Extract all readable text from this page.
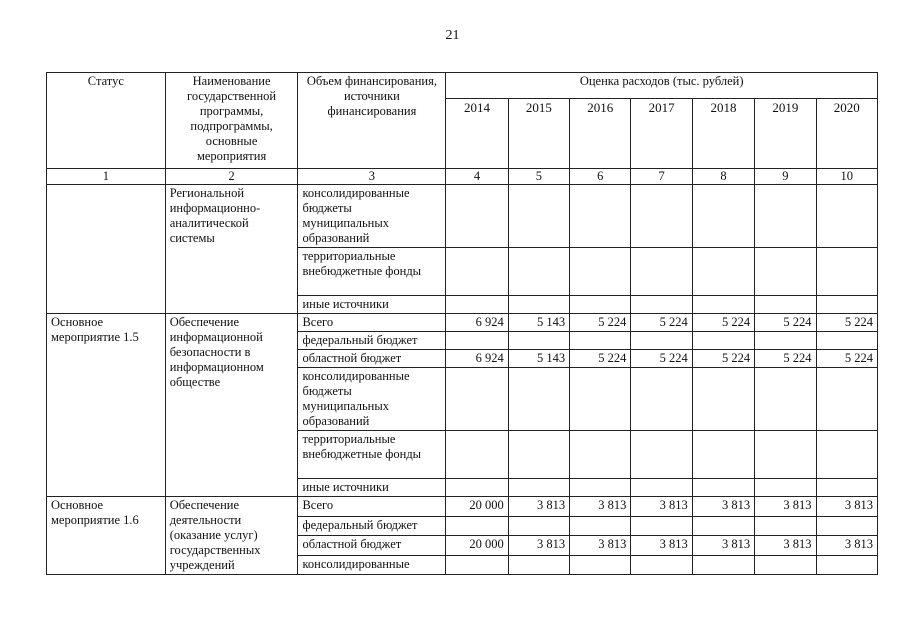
21
Статус	Наименование государственной программы, подпрограммы, основные мероприятия	Объем финансирования, источники финансирования	Оценка расходов (тыс. рублей)						
			2014	2015	2016	2017	2018	2019	2020
1	2	3	4	5	6	7	8	9	10
	Региональной информационно-аналитической системы	консолидированные бюджеты муниципальных образований							
		территориальные внебюджетные фонды							
		иные источники							
Основное мероприятие 1.5	Обеспечение информационной безопасности в информационном обществе	Всего	6 924	5 143	5 224	5 224	5 224	5 224	5 224
		федеральный бюджет							
		областной бюджет	6 924	5 143	5 224	5 224	5 224	5 224	5 224
		консолидированные бюджеты муниципальных образований							
		территориальные внебюджетные фонды							
		иные источники							
Основное мероприятие 1.6	Обеспечение деятельности (оказание услуг) государственных учреждений	Всего	20 000	3 813	3 813	3 813	3 813	3 813	3 813
		федеральный бюджет							
		областной бюджет	20 000	3 813	3 813	3 813	3 813	3 813	3 813
		консолидированные							
